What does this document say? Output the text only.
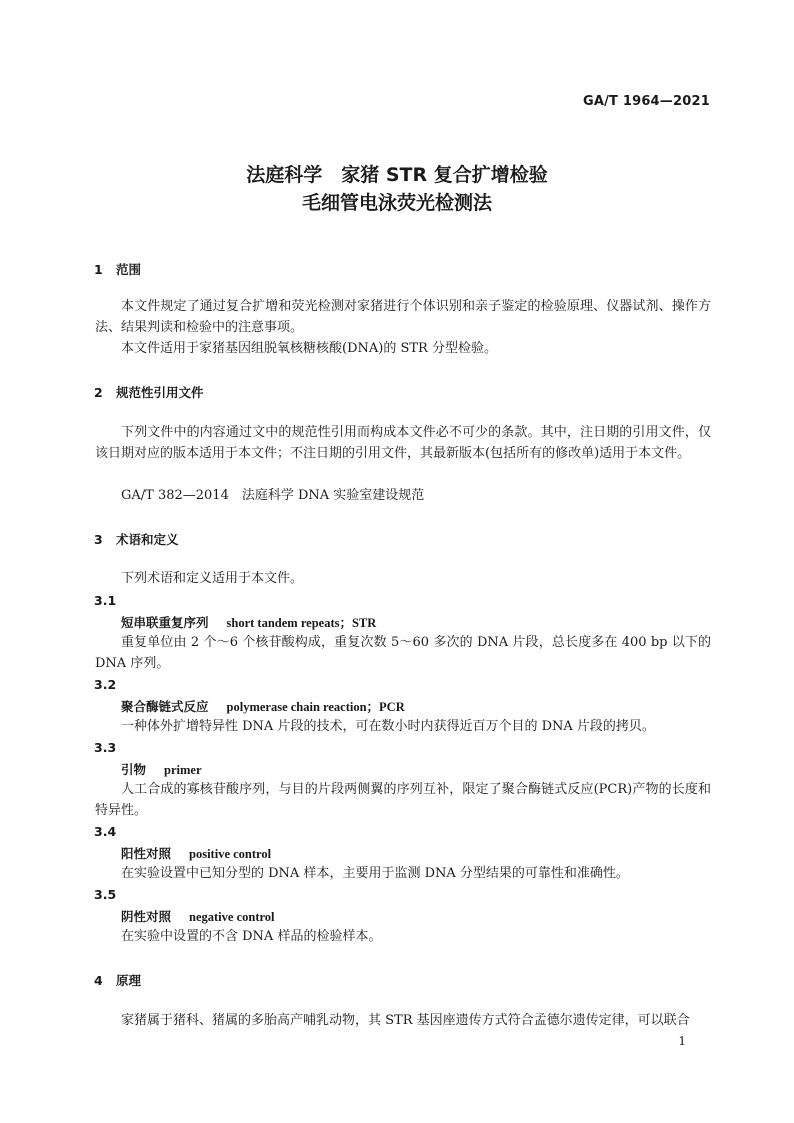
GA/T 1964—2021
法庭科学　家猪 STR 复合扩增检验
毛细管电泳荧光检测法
1 范围
本文件规定了通过复合扩增和荧光检测对家猪进行个体识别和亲子鉴定的检验原理、仪器试剂、操作方法、结果判读和检验中的注意事项。
本文件适用于家猪基因组脱氧核糖核酸(DNA)的 STR 分型检验。
2 规范性引用文件
下列文件中的内容通过文中的规范性引用而构成本文件必不可少的条款。其中，注日期的引用文件，仅该日期对应的版本适用于本文件；不注日期的引用文件，其最新版本(包括所有的修改单)适用于本文件。
GA/T 382—2014　法庭科学 DNA 实验室建设规范
3 术语和定义
下列术语和定义适用于本文件。
3.1
短串联重复序列 short tandem repeats；STR
重复单位由 2 个～6 个核苷酸构成，重复次数 5～60 多次的 DNA 片段，总长度多在 400 bp 以下的 DNA 序列。
3.2
聚合酶链式反应 polymerase chain reaction；PCR
一种体外扩增特异性 DNA 片段的技术，可在数小时内获得近百万个目的 DNA 片段的拷贝。
3.3
引物 primer
人工合成的寡核苷酸序列，与目的片段两侧翼的序列互补，限定了聚合酶链式反应(PCR)产物的长度和特异性。
3.4
阳性对照 positive control
在实验设置中已知分型的 DNA 样本，主要用于监测 DNA 分型结果的可靠性和准确性。
3.5
阴性对照 negative control
在实验中设置的不含 DNA 样品的检验样本。
4 原理
家猪属于猪科、猪属的多胎高产哺乳动物，其 STR 基因座遗传方式符合孟德尔遗传定律，可以联合
1
